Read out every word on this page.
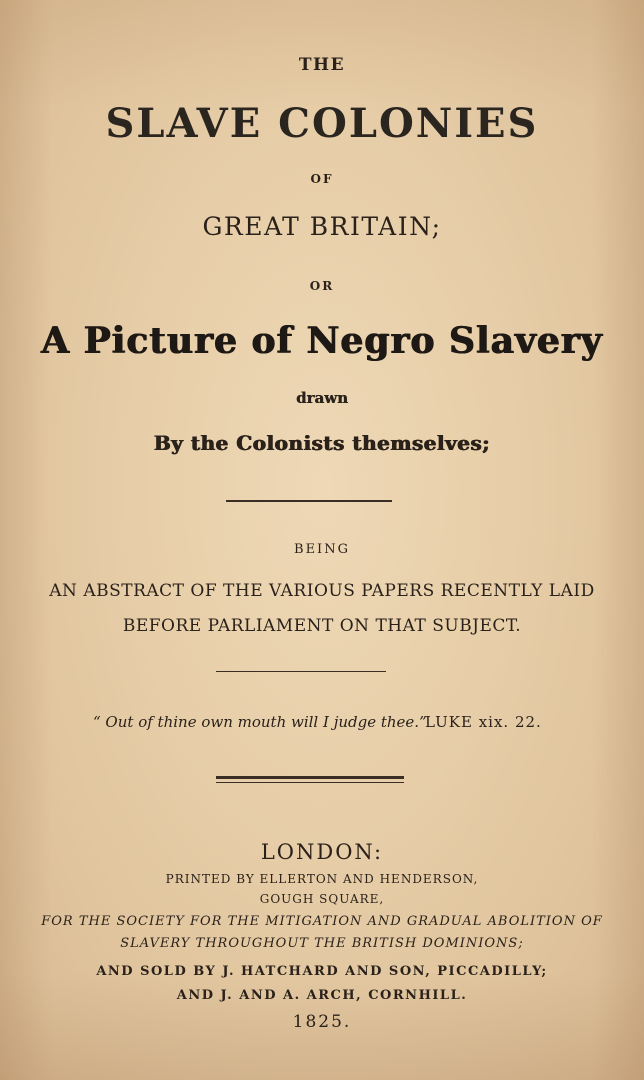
THE
SLAVE COLONIES
OF
GREAT BRITAIN;
OR
A Picture of Negro Slavery
drawn
By the Colonists themselves;
BEING
AN ABSTRACT OF THE VARIOUS PAPERS RECENTLY LAID
BEFORE PARLIAMENT ON THAT SUBJECT.
“ Out of thine own mouth will I judge thee.”
LUKE xix. 22.
LONDON:
PRINTED BY ELLERTON AND HENDERSON,
GOUGH SQUARE,
FOR THE SOCIETY FOR THE MITIGATION AND GRADUAL ABOLITION OF
SLAVERY THROUGHOUT THE BRITISH DOMINIONS;
AND SOLD BY J. HATCHARD AND SON, PICCADILLY;
AND J. AND A. ARCH, CORNHILL.
1825.
